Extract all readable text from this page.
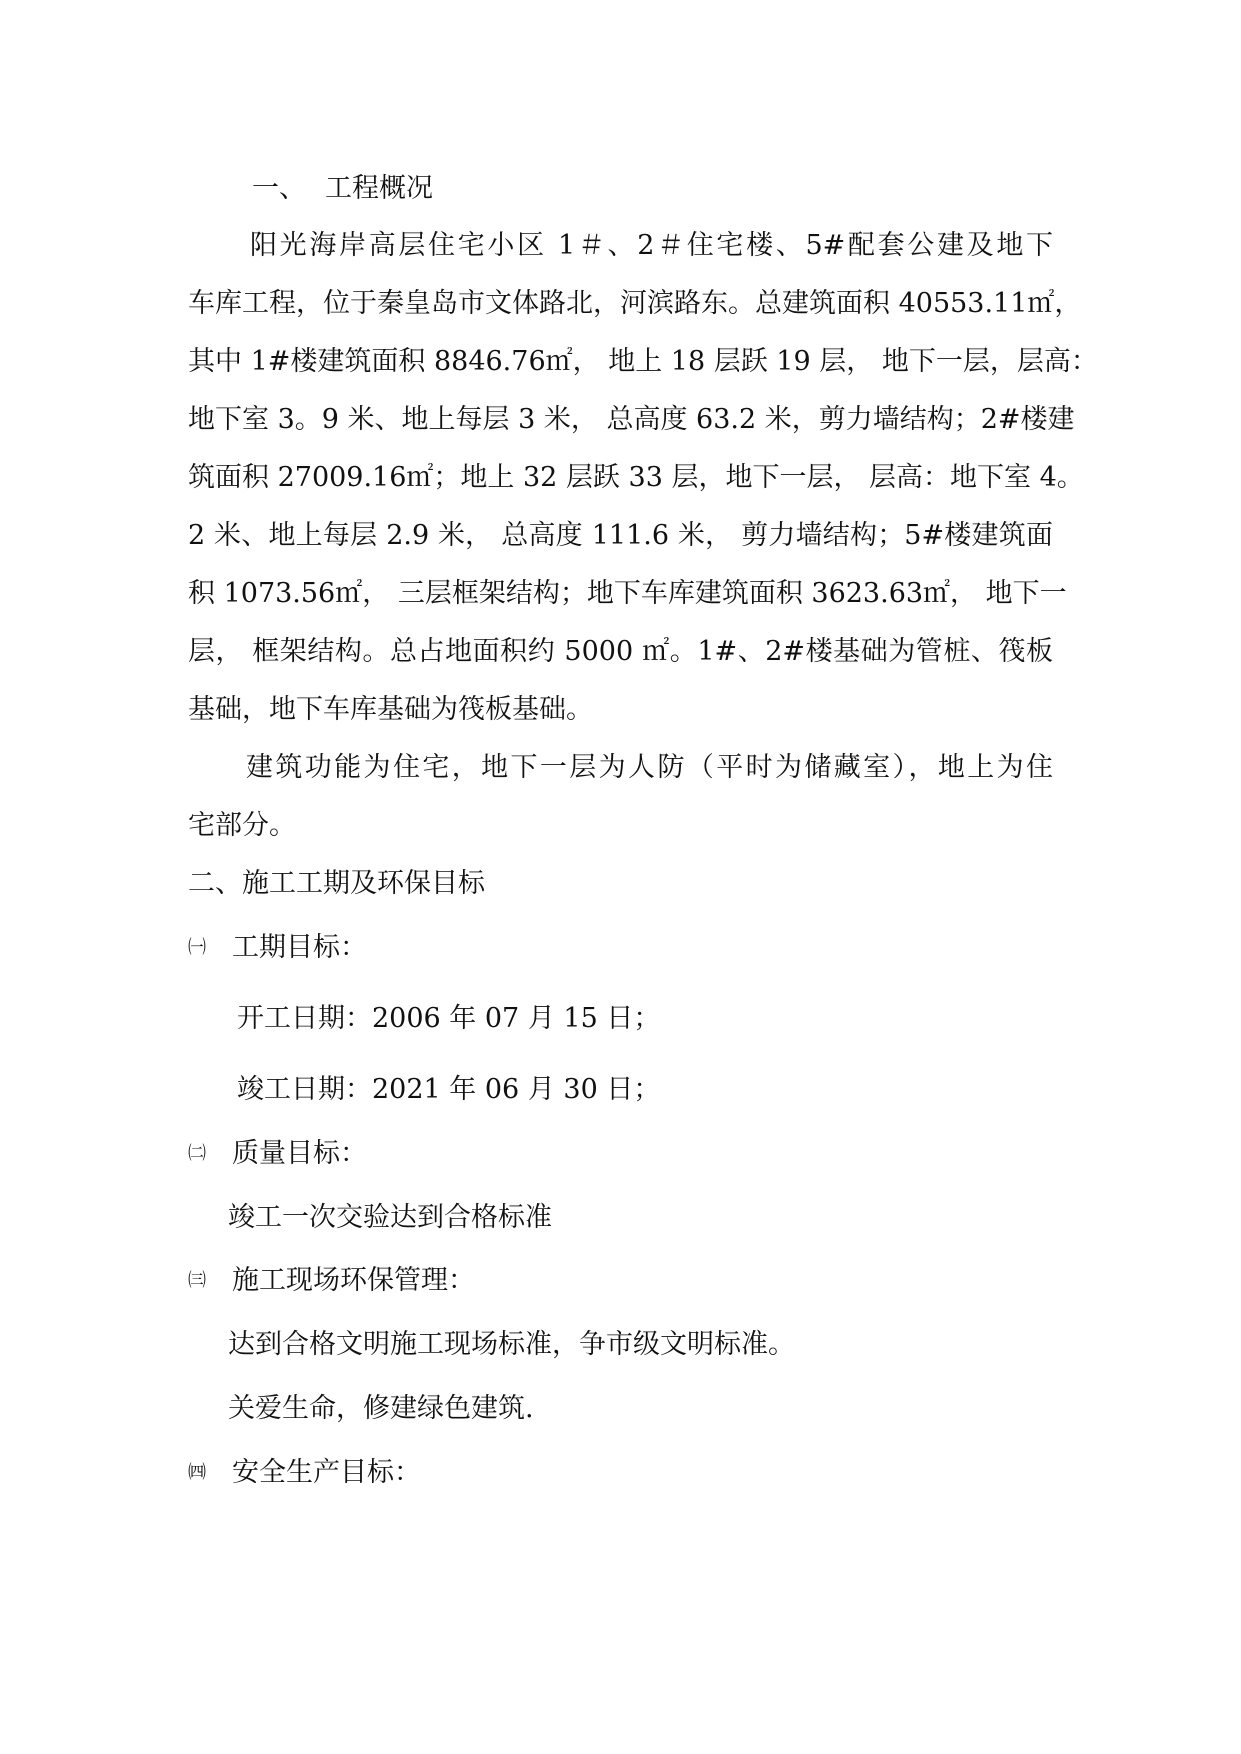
一、 工程概况
阳光海岸高层住宅小区 1＃、2＃住宅楼、5#配套公建及地下
车库工程，位于秦皇岛市文体路北，河滨路东。总建筑面积 40553.11㎡，
其中 1#楼建筑面积 8846.76㎡， 地上 18 层跃 19 层， 地下一层，层高：
地下室 3。9 米、地上每层 3 米， 总高度 63.2 米，剪力墙结构；2#楼建
筑面积 27009.16㎡；地上 32 层跃 33 层，地下一层， 层高：地下室 4。
2 米、地上每层 2.9 米， 总高度 111.6 米， 剪力墙结构；5#楼建筑面
积 1073.56㎡， 三层框架结构；地下车库建筑面积 3623.63㎡， 地下一
层， 框架结构。总占地面积约 5000 ㎡。1#、2#楼基础为管桩、筏板
基础，地下车库基础为筏板基础。
建筑功能为住宅，地下一层为人防（平时为储藏室），地上为住
宅部分。
二、施工工期及环保目标
㈠ 工期目标：
开工日期：2006 年 07 月 15 日；
竣工日期：2021 年 06 月 30 日；
㈡ 质量目标：
竣工一次交验达到合格标准
㈢ 施工现场环保管理：
达到合格文明施工现场标准，争市级文明标准。
关爱生命，修建绿色建筑.
㈣ 安全生产目标：
